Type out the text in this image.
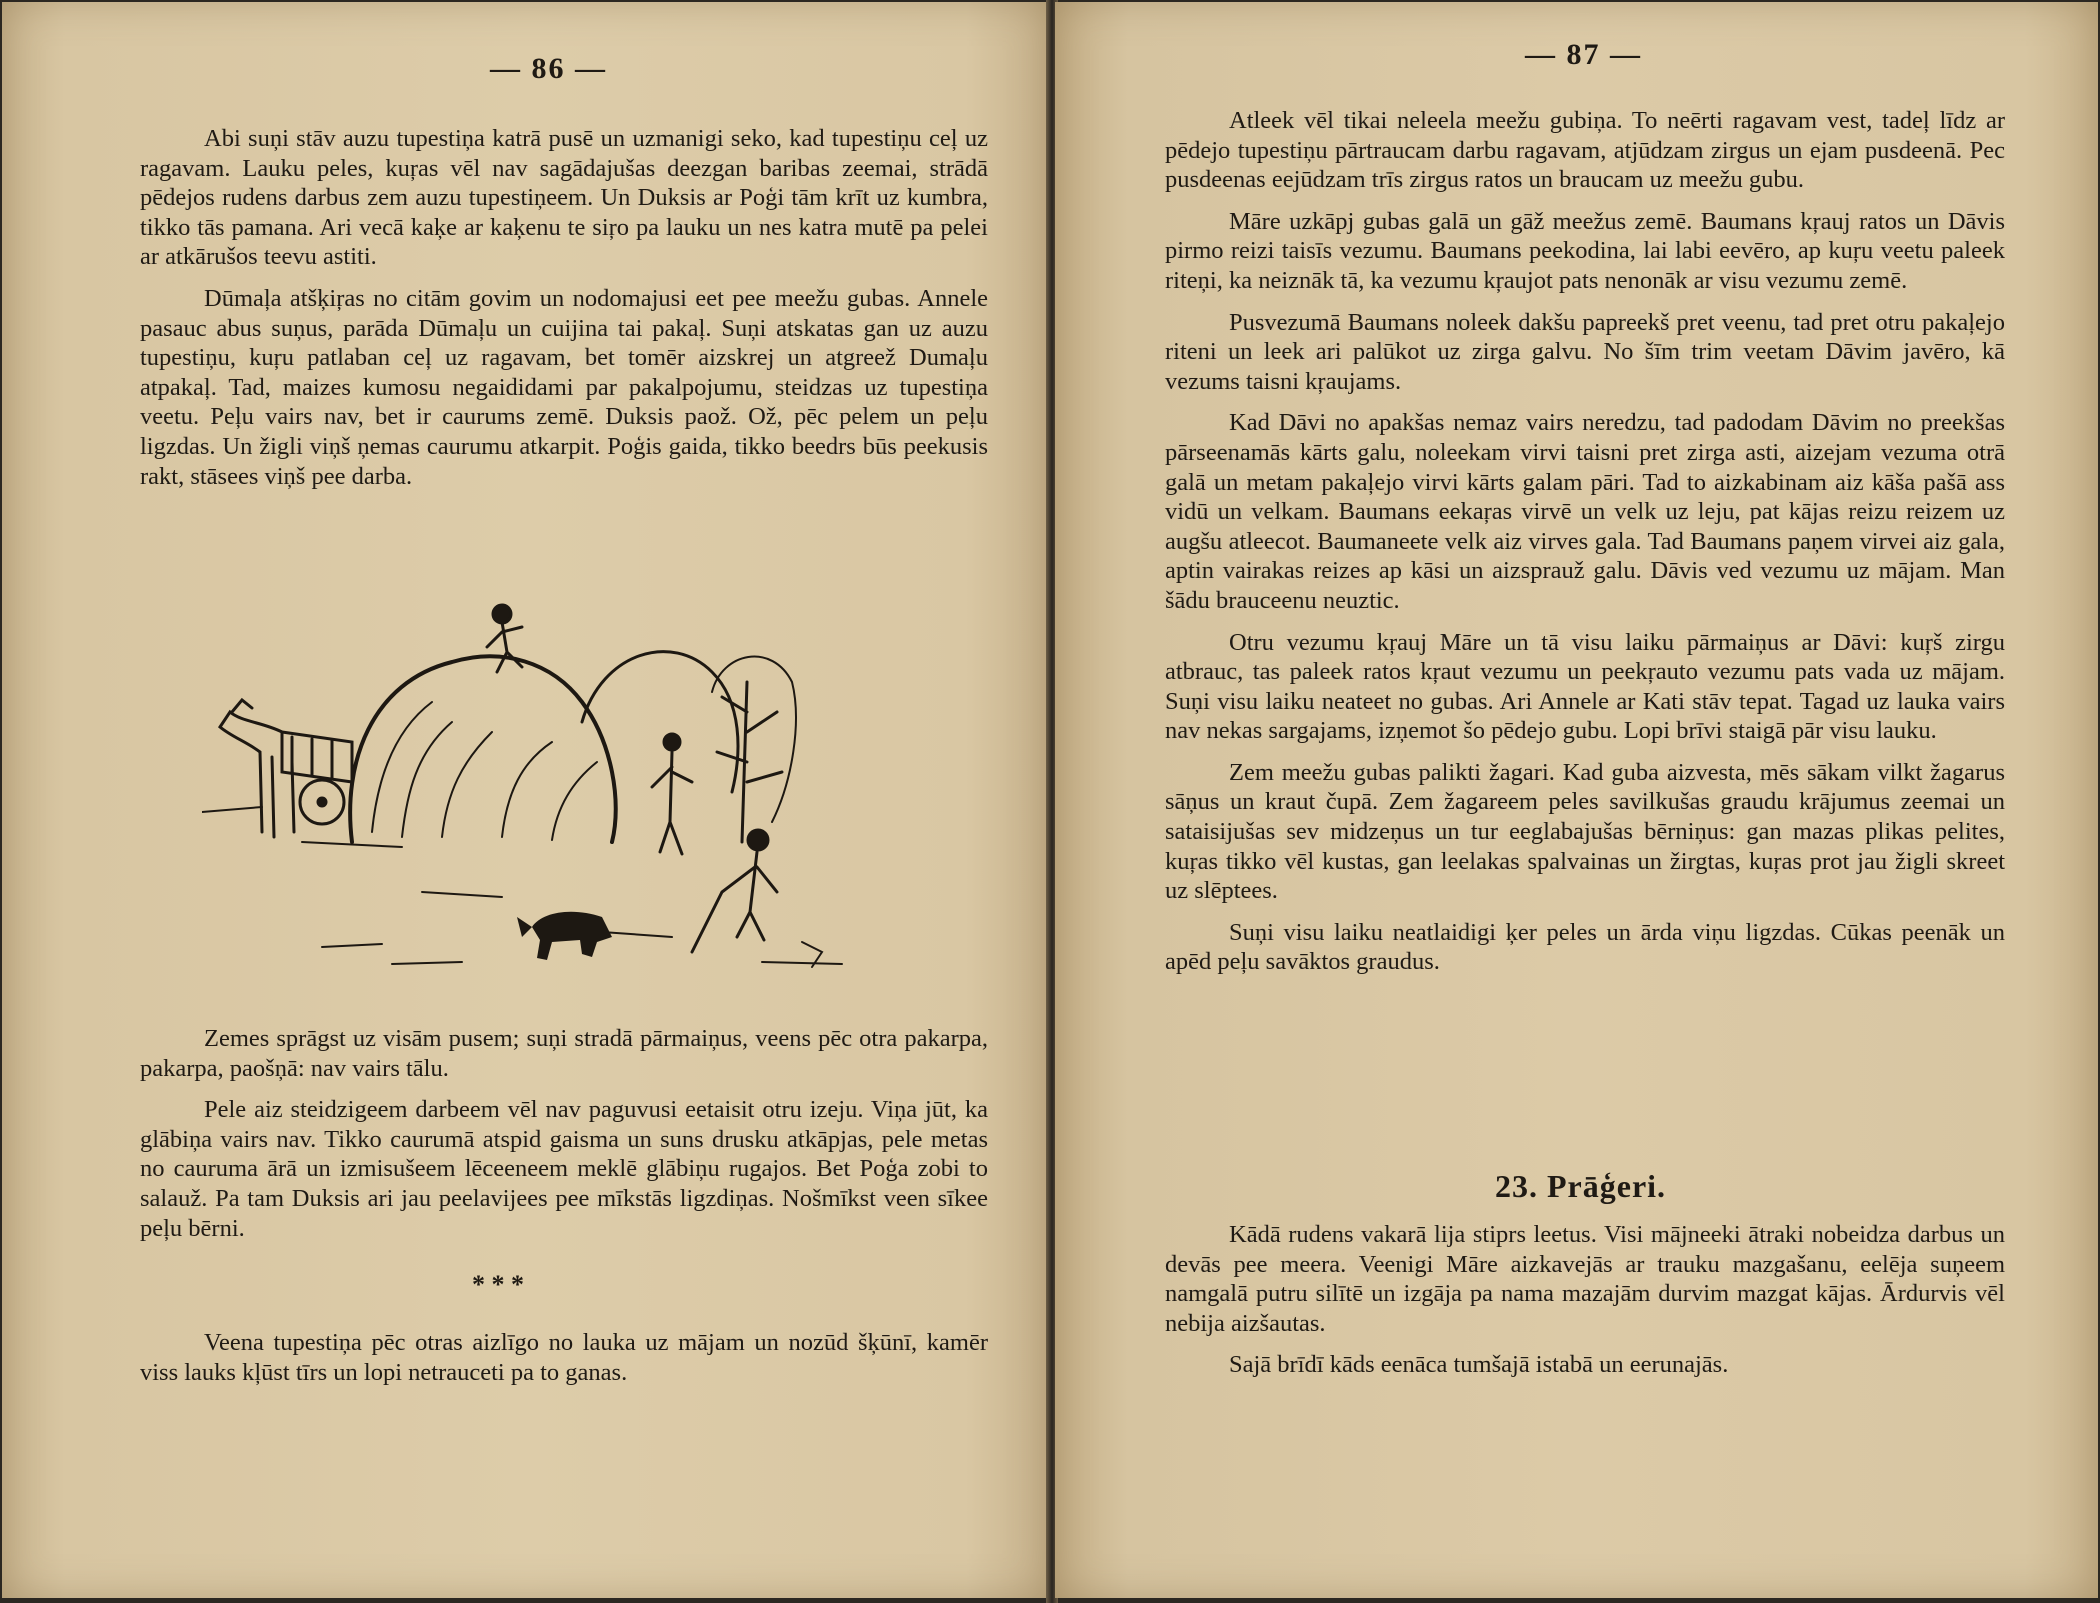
— 86 —

Abi suņi stāv auzu tupestiņa katrā pusē un uzmanigi seko, kad tupestiņu ceļ uz ragavam. Lauku peles, kuŗas vēl nav sagādajušas deezgan baribas zeemai, strādā pēdejos rudens darbus zem auzu tupestiņeem. Un Duksis ar Poģi tām krīt uz kumbra, tikko tās pamana. Ari vecā kaķe ar kaķenu te siŗo pa lauku un nes katra mutē pa pelei ar atkārušos teevu astiti.

Dūmaļa atšķiŗas no citām govim un nodomajusi eet pee meežu gubas. Annele pasauc abus suņus, parāda Dūmaļu un cuijina tai pakaļ. Suņi atskatas gan uz auzu tupestiņu, kuŗu patlaban ceļ uz ragavam, bet tomēr aizskrej un atgreež Dumaļu atpakaļ. Tad, maizes kumosu negaididami par pakalpojumu, steidzas uz tupestiņa veetu. Peļu vairs nav, bet ir caurums zemē. Duksis paož. Ož, pēc pelem un peļu ligzdas. Un žigli viņš ņemas caurumu atkarpit. Poģis gaida, tikko beedrs būs peekusis rakt, stāsees viņš pee darba.

Zemes sprāgst uz visām pusem; suņi stradā pārmaiņus, veens pēc otra pakarpa, pakarpa, paošņā: nav vairs tālu.

Pele aiz steidzigeem darbeem vēl nav paguvusi eetaisit otru izeju. Viņa jūt, ka glābiņa vairs nav. Tikko caurumā atspid gaisma un suns drusku atkāpjas, pele metas no cauruma ārā un izmisušeem lēceeneem meklē glābiņu rugajos. Bet Poģa zobi to salauž. Pa tam Duksis ari jau peelavijees pee mīkstās ligzdiņas. Nošmīkst veen sīkee peļu bērni.

* * *

Veena tupestiņa pēc otras aizlīgo no lauka uz mājam un nozūd šķūnī, kamēr viss lauks kļūst tīrs un lopi netrauceti pa to ganas.

— 87 —

Atleek vēl tikai neleela meežu gubiņa. To neērti ragavam vest, tadeļ līdz ar pēdejo tupestiņu pārtraucam darbu ragavam, atjūdzam zirgus un ejam pusdeenā. Pec pusdeenas eejūdzam trīs zirgus ratos un braucam uz meežu gubu.

Māre uzkāpj gubas galā un gāž meežus zemē. Baumans kŗauj ratos un Dāvis pirmo reizi taisīs vezumu. Baumans peekodina, lai labi eevēro, ap kuŗu veetu paleek riteņi, ka neiznāk tā, ka vezumu kŗaujot pats nenonāk ar visu vezumu zemē.

Pusvezumā Baumans noleek dakšu papreekš pret veenu, tad pret otru pakaļejo riteni un leek ari palūkot uz zirga galvu. No šīm trim veetam Dāvim javēro, kā vezums taisni kŗaujams.

Kad Dāvi no apakšas nemaz vairs neredzu, tad padodam Dāvim no preekšas pārseenamās kārts galu, noleekam virvi taisni pret zirga asti, aizejam vezuma otrā galā un metam pakaļejo virvi kārts galam pāri. Tad to aizkabinam aiz kāša pašā ass vidū un velkam. Baumans eekaŗas virvē un velk uz leju, pat kājas reizu reizem uz augšu atleecot. Baumaneete velk aiz virves gala. Tad Baumans paņem virvei aiz gala, aptin vairakas reizes ap kāsi un aizsprauž galu. Dāvis ved vezumu uz mājam. Man šādu brauceenu neuztic.

Otru vezumu kŗauj Māre un tā visu laiku pārmaiņus ar Dāvi: kuŗš zirgu atbrauc, tas paleek ratos kŗaut vezumu un peekŗauto vezumu pats vada uz mājam. Suņi visu laiku neateet no gubas. Ari Annele ar Kati stāv tepat. Tagad uz lauka vairs nav nekas sargajams, izņemot šo pēdejo gubu. Lopi brīvi staigā pār visu lauku.

Zem meežu gubas palikti žagari. Kad guba aizvesta, mēs sākam vilkt žagarus sāņus un kraut čupā. Zem žagareem peles savilkušas graudu krājumus zeemai un sataisijušas sev midzeņus un tur eeglabajušas bērniņus: gan mazas plikas pelites, kuŗas tikko vēl kustas, gan leelakas spalvainas un žirgtas, kuŗas prot jau žigli skreet uz slēptees.

Suņi visu laiku neatlaidigi ķer peles un ārda viņu ligzdas. Cūkas peenāk un apēd peļu savāktos graudus.

23. Prāģeri.

Kādā rudens vakarā lija stiprs leetus. Visi mājneeki ātraki nobeidza darbus un devās pee meera. Veenigi Māre aizkavejās ar trauku mazgašanu, eelēja suņeem namgalā putru silītē un izgāja pa nama mazajām durvim mazgat kājas. Ārdurvis vēl nebija aizšautas.

Sajā brīdī kāds eenāca tumšajā istabā un eerunajās.
